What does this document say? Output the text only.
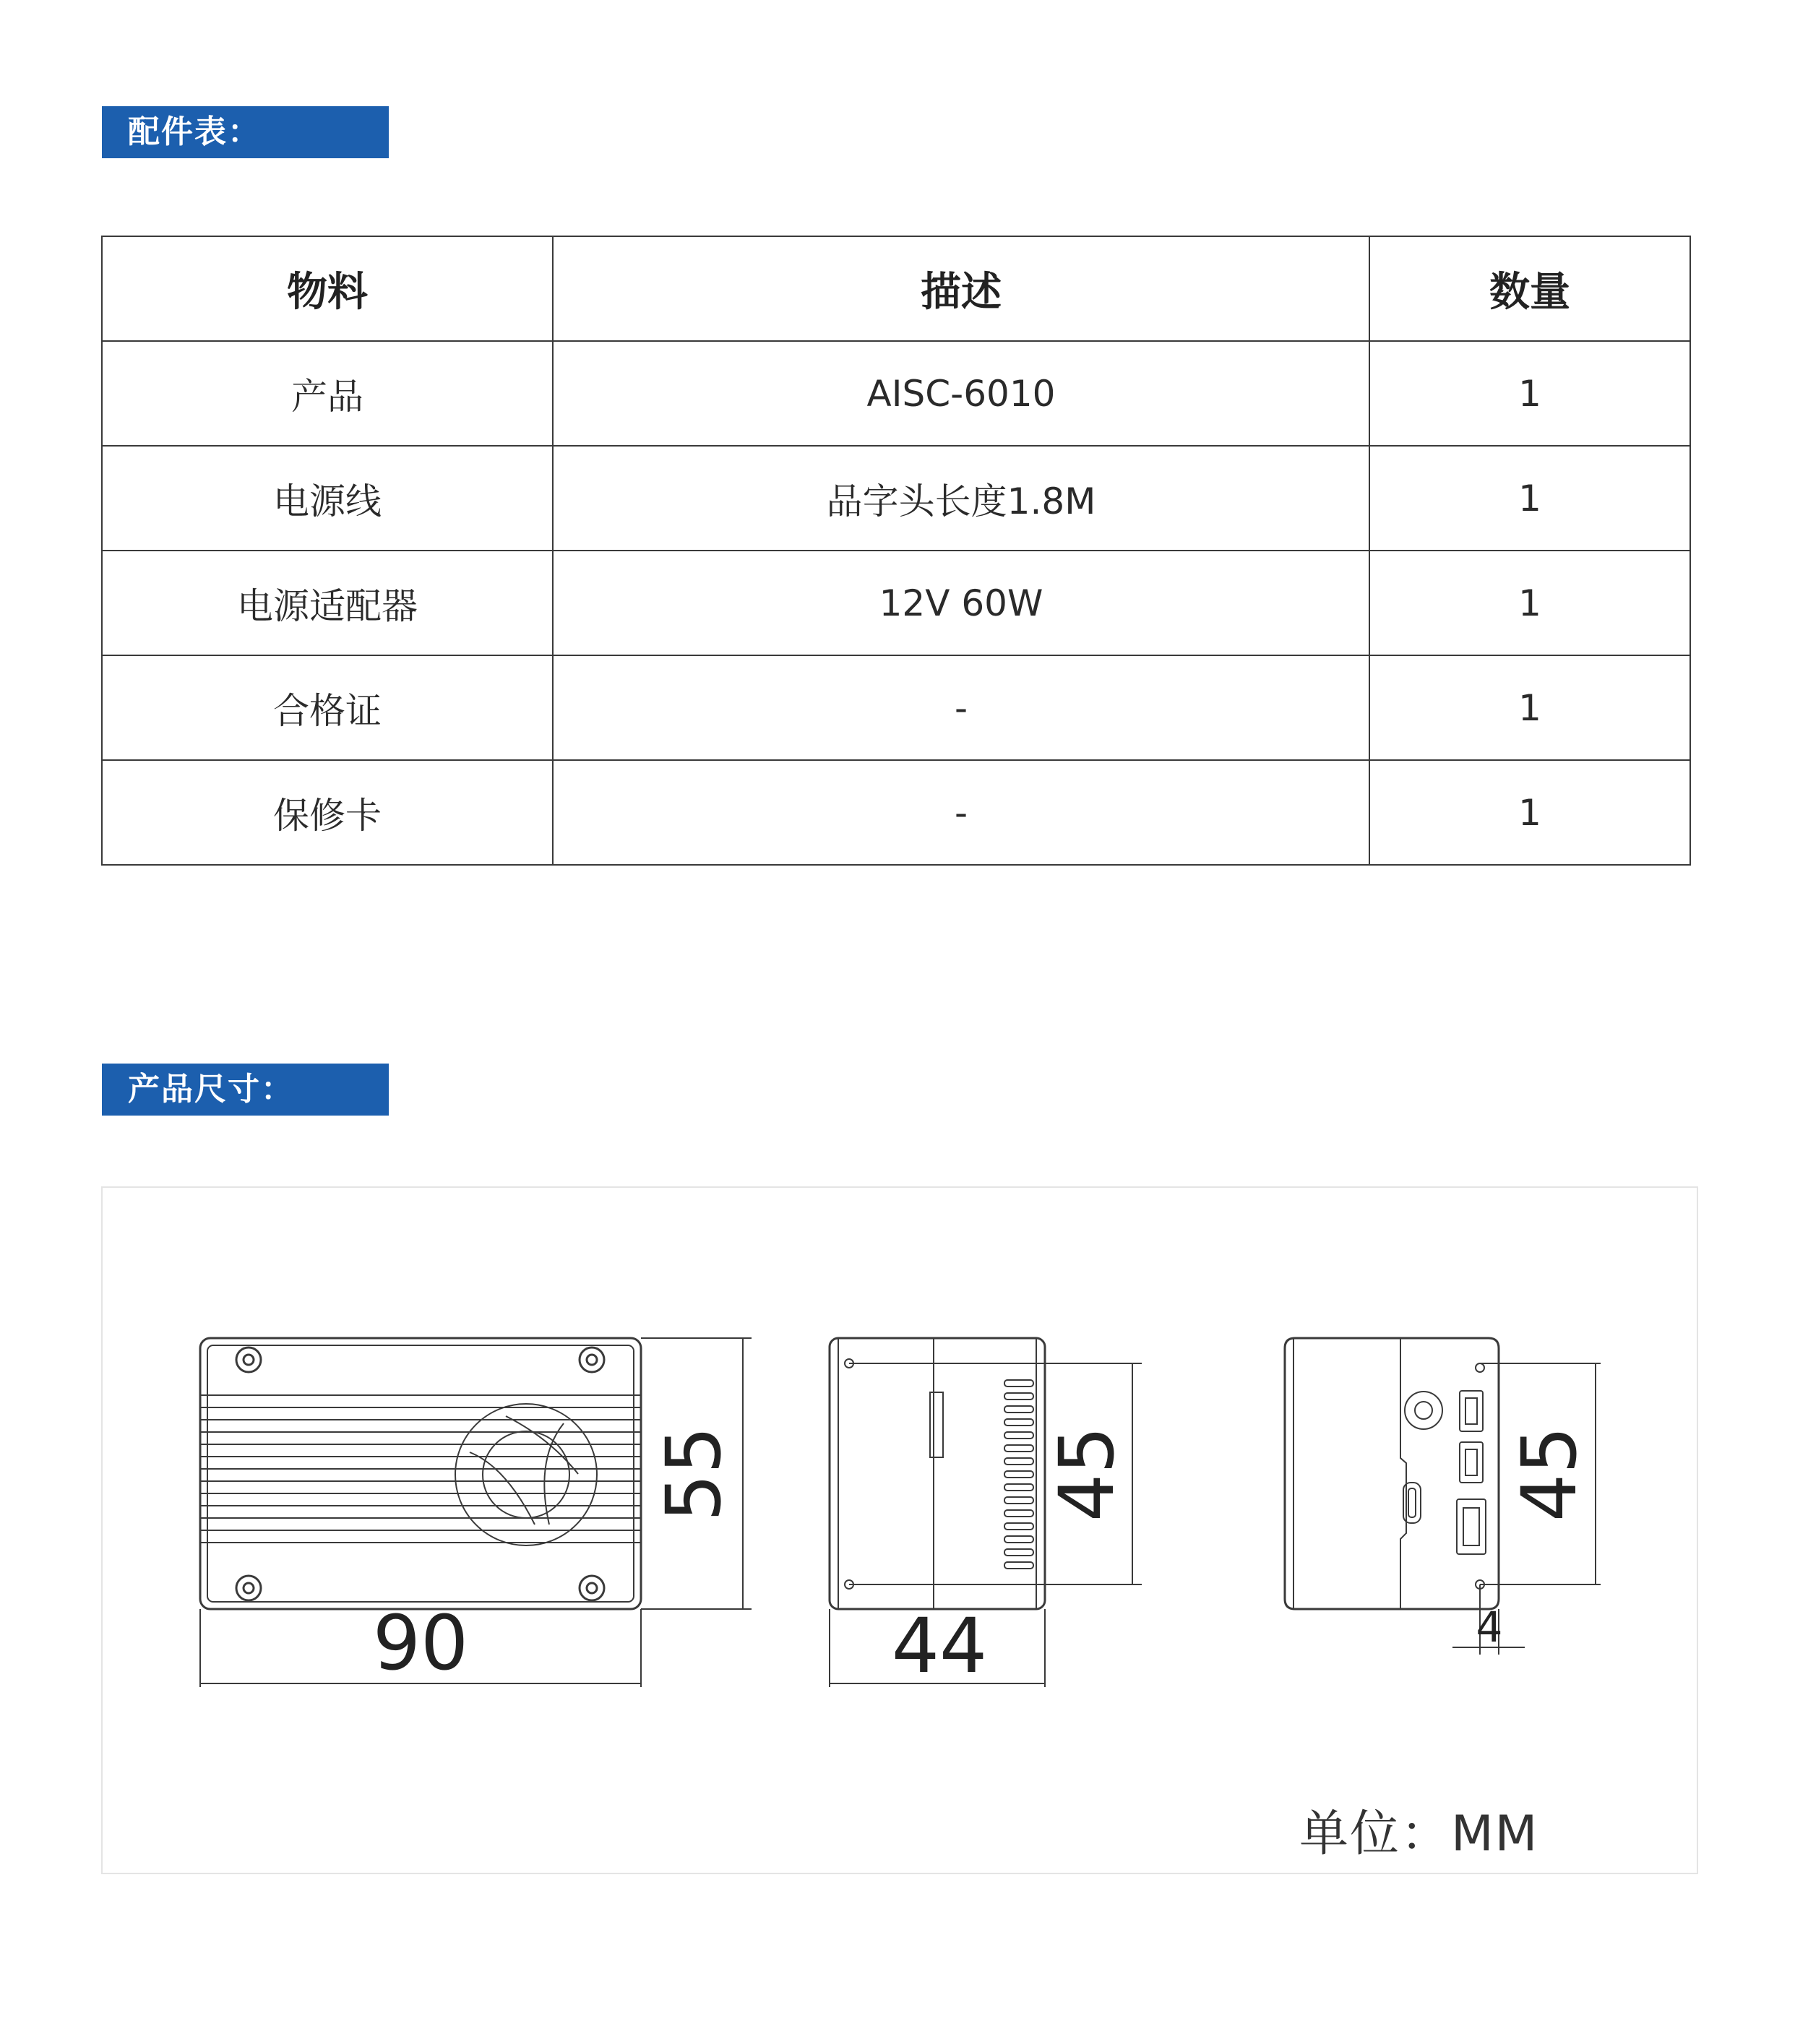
配件表：
物料	描述	数量
产品	AISC-6010	1
电源线	品字头长度1.8M	1
电源适配器	12V 60W	1
合格证	-	1
保修卡	-	1
产品尺寸：
90	44
55	45	45
4
单位：MM
